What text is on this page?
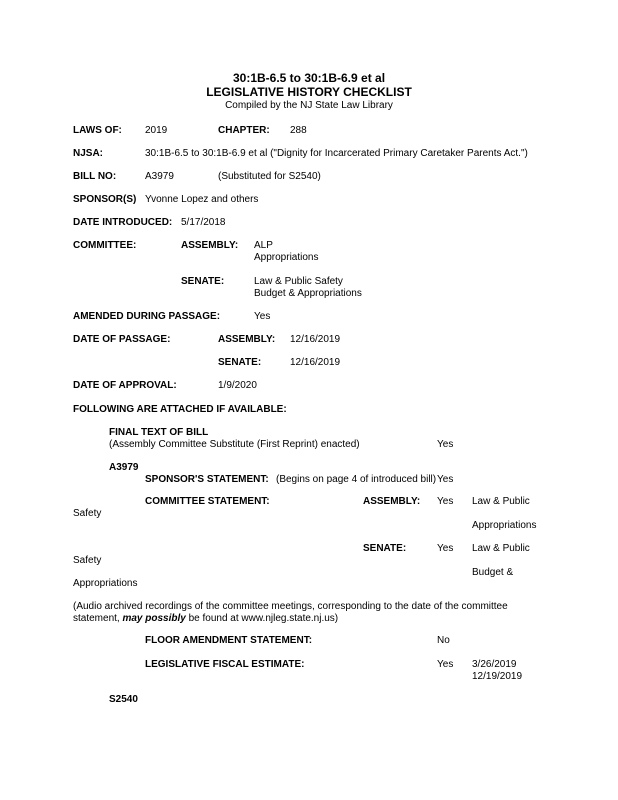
30:1B-6.5 to 30:1B-6.9 et al
LEGISLATIVE HISTORY CHECKLIST
Compiled by the NJ State Law Library
LAWS OF: 2019	CHAPTER: 288
NJSA:	30:1B-6.5 to 30:1B-6.9 et al ("Dignity for Incarcerated Primary Caretaker Parents Act.")
BILL NO:	A3979	(Substituted for S2540)
SPONSOR(S) Yvonne Lopez and others
DATE INTRODUCED: 5/17/2018
COMMITTEE:	ASSEMBLY: ALP
Appropriations
SENATE:	Law & Public Safety
Budget & Appropriations
AMENDED DURING PASSAGE:	Yes
DATE OF PASSAGE:	ASSEMBLY: 12/16/2019
SENATE:	12/16/2019
DATE OF APPROVAL:	1/9/2020
FOLLOWING ARE ATTACHED IF AVAILABLE:
FINAL TEXT OF BILL
(Assembly Committee Substitute (First Reprint) enacted)	Yes
A3979
SPONSOR'S STATEMENT: (Begins on page 4 of introduced bill) Yes
COMMITTEE STATEMENT:	ASSEMBLY: Yes Law & Public
Safety
Appropriations
SENATE:	Yes Law & Public
Safety
Budget &
Appropriations
(Audio archived recordings of the committee meetings, corresponding to the date of the committee
statement, may possibly be found at www.njleg.state.nj.us)
FLOOR AMENDMENT STATEMENT:	No
LEGISLATIVE FISCAL ESTIMATE:	Yes 3/26/2019
12/19/2019
S2540
